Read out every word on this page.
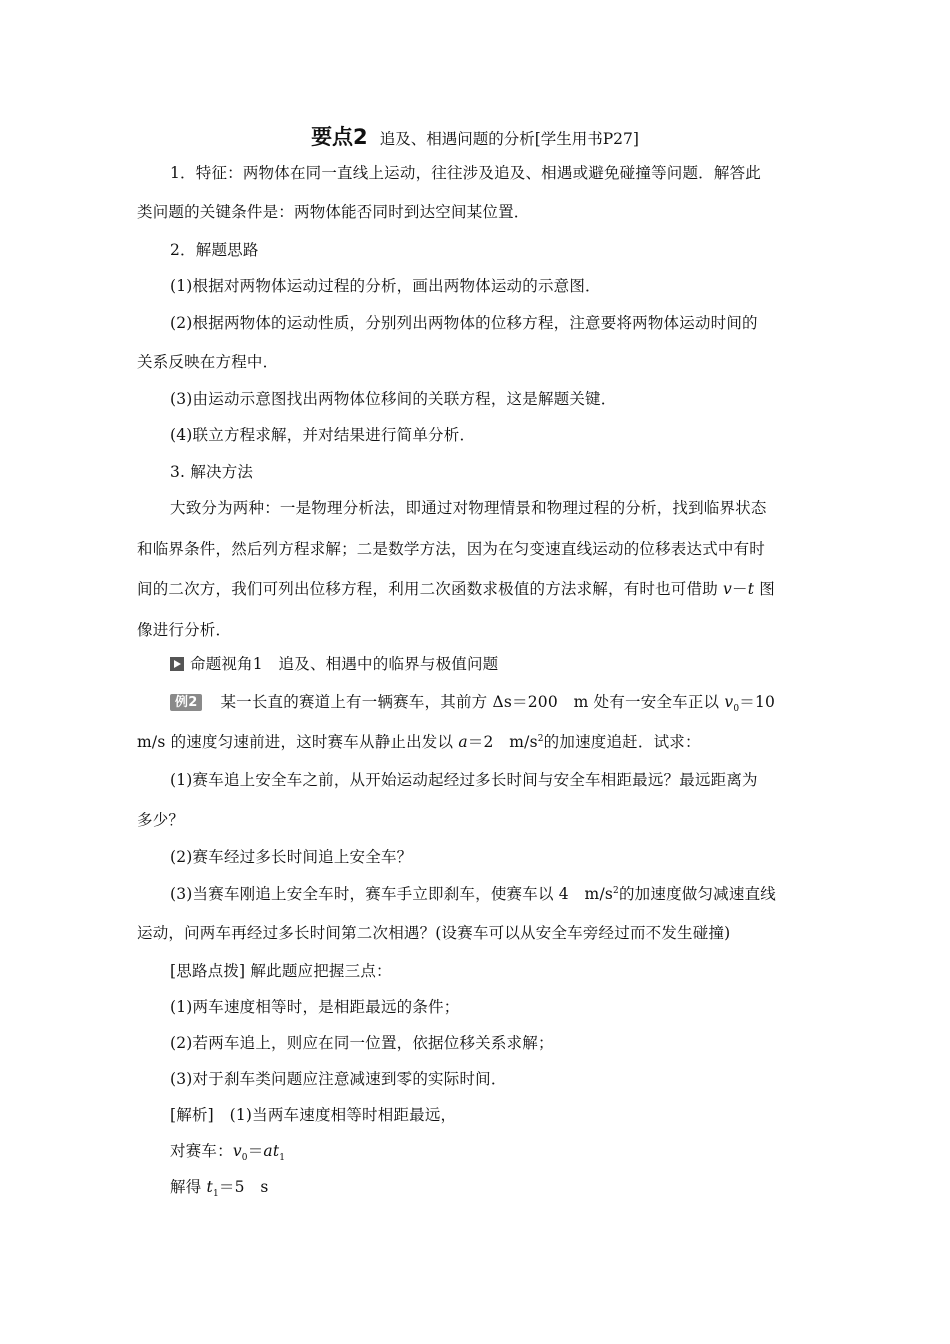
要点2 追及、相遇问题的分析[学生用书P27]
1．特征：两物体在同一直线上运动，往往涉及追及、相遇或避免碰撞等问题．解答此
类问题的关键条件是：两物体能否同时到达空间某位置．
2．解题思路
(1)根据对两物体运动过程的分析，画出两物体运动的示意图．
(2)根据两物体的运动性质，分别列出两物体的位移方程，注意要将两物体运动时间的
关系反映在方程中．
(3)由运动示意图找出两物体位移间的关联方程，这是解题关键．
(4)联立方程求解，并对结果进行简单分析．
3. 解决方法
大致分为两种：一是物理分析法，即通过对物理情景和物理过程的分析，找到临界状态
和临界条件，然后列方程求解；二是数学方法，因为在匀变速直线运动的位移表达式中有时
间的二次方，我们可列出位移方程，利用二次函数求极值的方法求解，有时也可借助 v－t 图
像进行分析．
命题视角1　追及、相遇中的临界与极值问题
例2 某一长直的赛道上有一辆赛车，其前方 Δs＝200　m 处有一安全车正以 $v_0=10$
m/s 的速度匀速前进，这时赛车从静止出发以 a＝2　$m/s^2$的加速度追赶．试求：
(1)赛车追上安全车之前，从开始运动起经过多长时间与安全车相距最远？最远距离为
多少？
(2)赛车经过多长时间追上安全车？
(3)当赛车刚追上安全车时，赛车手立即刹车，使赛车以 4　$m/s^2$的加速度做匀减速直线
运动，问两车再经过多长时间第二次相遇？(设赛车可以从安全车旁经过而不发生碰撞)
[思路点拨] 解此题应把握三点：
(1)两车速度相等时，是相距最远的条件；
(2)若两车追上，则应在同一位置，依据位移关系求解；
(3)对于刹车类问题应注意减速到零的实际时间．
[解析]　(1)当两车速度相等时相距最远，
对赛车：$v_0=at_1$
解得 $t_1=5$　s
